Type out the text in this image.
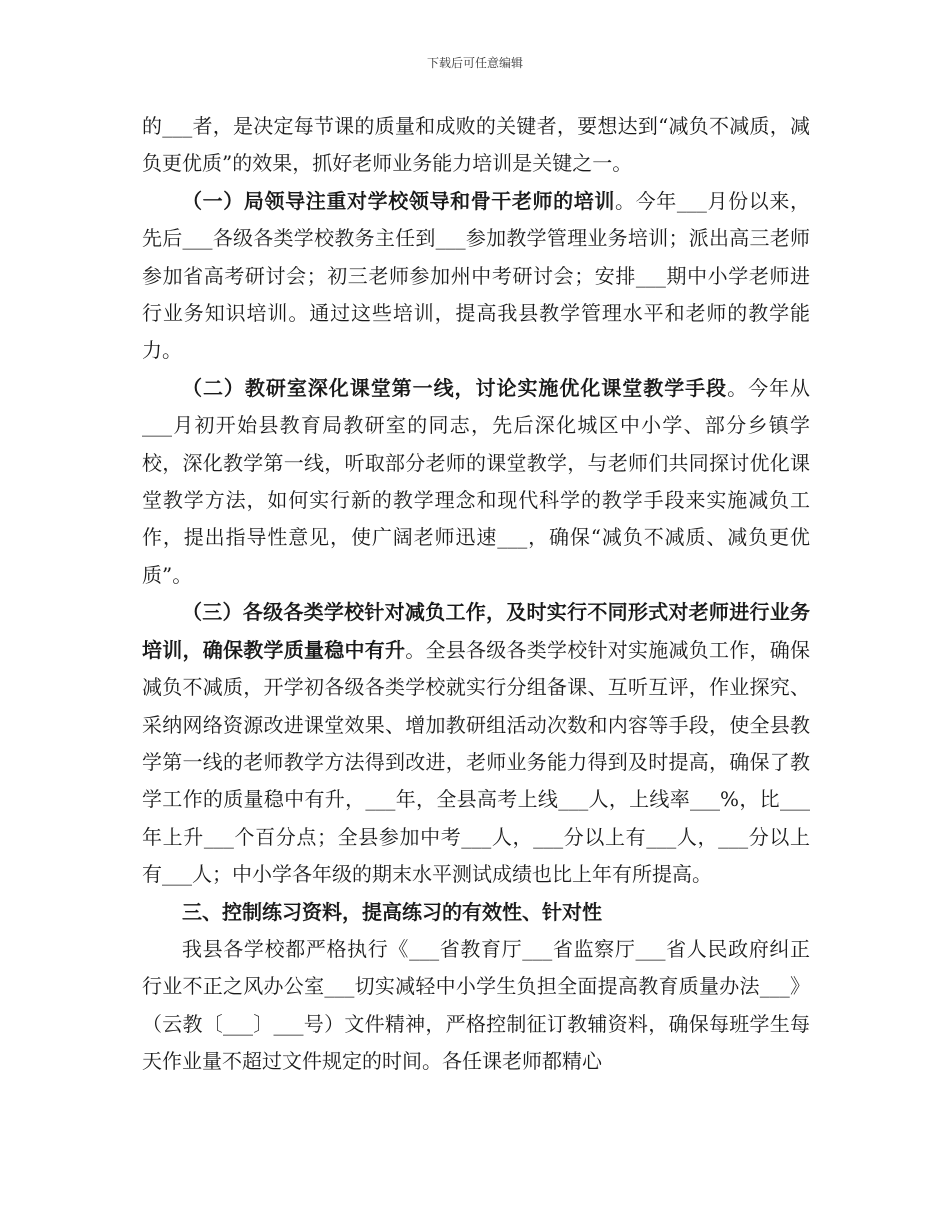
下载后可任意编辑

的___者，是决定每节课的质量和成败的关键者，要想达到“减负不减质，减负更优质”的效果，抓好老师业务能力培训是关键之一。

（一）局领导注重对学校领导和骨干老师的培训。今年___月份以来，先后___各级各类学校教务主任到___参加教学管理业务培训；派出高三老师参加省高考研讨会；初三老师参加州中考研讨会；安排___期中小学老师进行业务知识培训。通过这些培训，提高我县教学管理水平和老师的教学能力。

（二）教研室深化课堂第一线，讨论实施优化课堂教学手段。今年从___月初开始县教育局教研室的同志，先后深化城区中小学、部分乡镇学校，深化教学第一线，听取部分老师的课堂教学，与老师们共同探讨优化课堂教学方法，如何实行新的教学理念和现代科学的教学手段来实施减负工作，提出指导性意见，使广阔老师迅速___，确保“减负不减质、减负更优质”。

（三）各级各类学校针对减负工作，及时实行不同形式对老师进行业务培训，确保教学质量稳中有升。全县各级各类学校针对实施减负工作，确保减负不减质，开学初各级各类学校就实行分组备课、互听互评，作业探究、采纳网络资源改进课堂效果、增加教研组活动次数和内容等手段，使全县教学第一线的老师教学方法得到改进，老师业务能力得到及时提高，确保了教学工作的质量稳中有升，___年，全县高考上线___人，上线率___%，比___年上升___个百分点；全县参加中考___人，___分以上有___人，___分以上有___人；中小学各年级的期末水平测试成绩也比上年有所提高。

三、控制练习资料，提高练习的有效性、针对性

我县各学校都严格执行《___省教育厅___省监察厅___省人民政府纠正行业不正之风办公室___切实减轻中小学生负担全面提高教育质量办法___》（云教〔___〕___号）文件精神，严格控制征订教辅资料，确保每班学生每天作业量不超过文件规定的时间。各任课老师都精心
